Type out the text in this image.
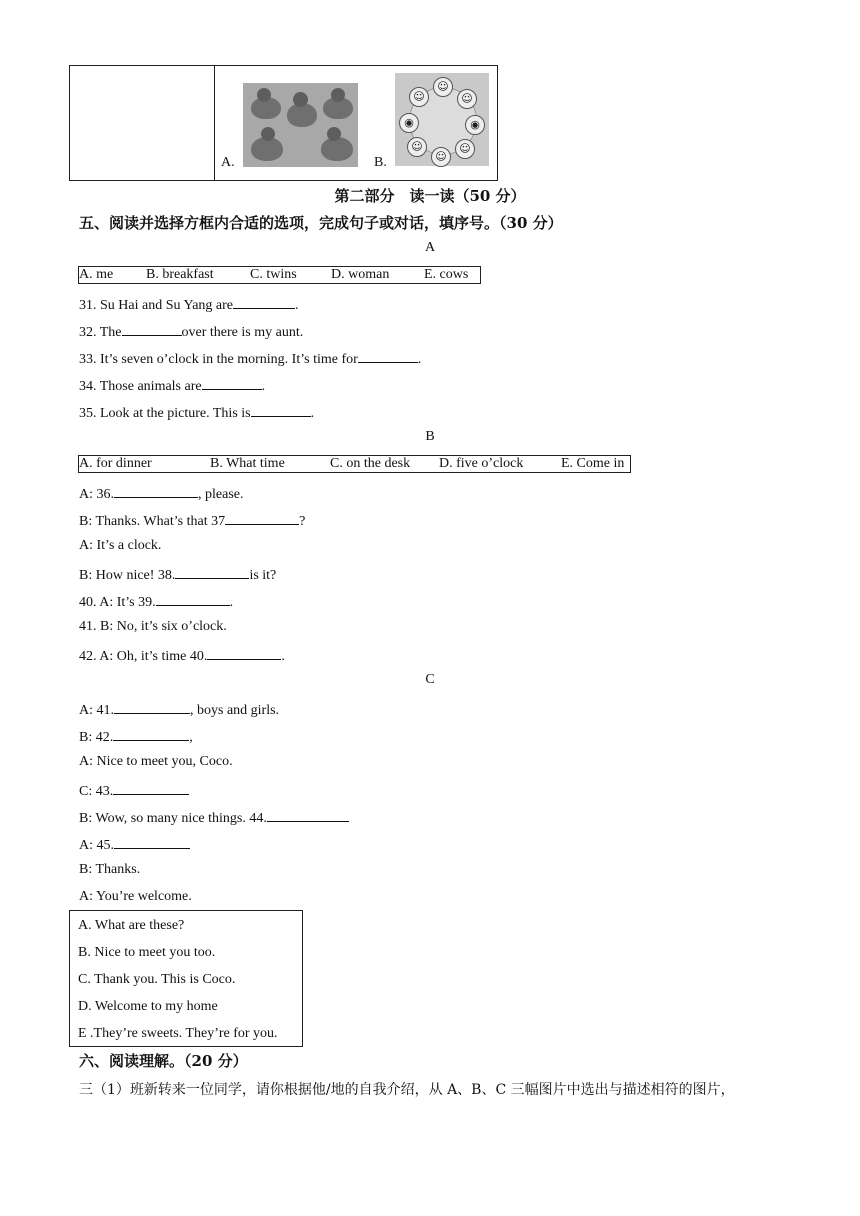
A.	B.
☺
☺
◉
☺
☺
☺
◉
☺
第二部分　读一读（50 分）
五、阅读并选择方框内合适的选项，完成句子或对话，填序号。（30 分）
A
A. me B. breakfast	C. twins D. woman E. cows
31. Su Hai and Su Yang are	.
32. The	over there is my aunt.
33. It’s seven o’clock in the morning. It’s time for	.
34. Those animals are	.
35. Look at the picture. This is	.
B
A. for dinner	B. What time	C. on the desk D. five o’clock	E. Come in
A: 36.	, please.
B: Thanks. What’s that 37	?
A: It’s a clock.
B: How nice! 38.	is it?
40. A: It’s 39.	.
41. B: No, it’s six o’clock.
42. A: Oh, it’s time 40.	.
C
A: 41.	, boys and girls.
B: 42.	,
A: Nice to meet you, Coco.
C: 43.
B: Wow, so many nice things. 44.
A: 45.
B: Thanks.
A: You’re welcome.
A. What are these?
B. Nice to meet you too.
C. Thank you. This is Coco.
D. Welcome to my home
E .They’re sweets. They’re for you.
六、阅读理解。（20 分）
三（1）班新转来一位同学，请你根据他/地的自我介绍，从 A、B、C 三幅图片中选出与描述相符的图片，
